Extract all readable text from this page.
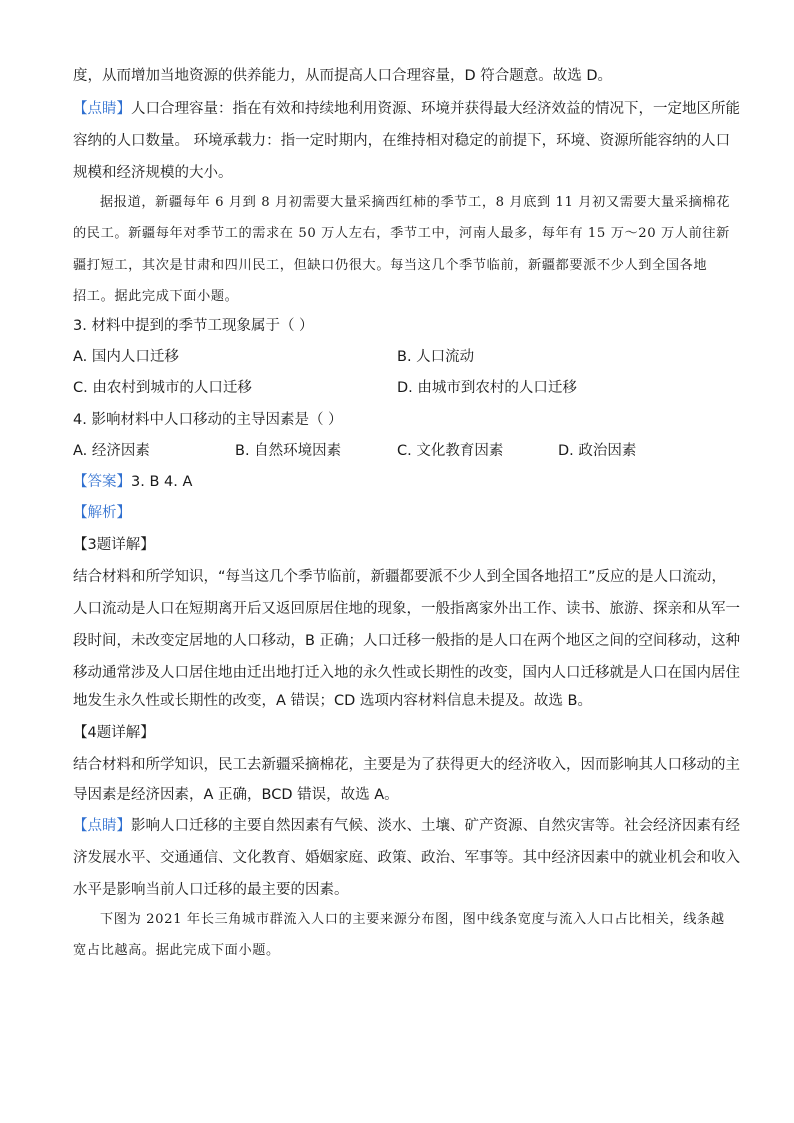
度，从而增加当地资源的供养能力，从而提高人口合理容量，D 符合题意。故选 D。
【点睛】人口合理容量：指在有效和持续地利用资源、环境并获得最大经济效益的情况下，一定地区所能
容纳的人口数量。 环境承载力：指一定时期内，在维持相对稳定的前提下，环境、资源所能容纳的人口
规模和经济规模的大小。
据报道，新疆每年 6 月到 8 月初需要大量采摘西红柿的季节工，8 月底到 11 月初又需要大量采摘棉花
的民工。新疆每年对季节工的需求在 50 万人左右，季节工中，河南人最多，每年有 15 万～20 万人前往新
疆打短工，其次是甘肃和四川民工，但缺口仍很大。每当这几个季节临前，新疆都要派不少人到全国各地
招工。据此完成下面小题。
3. 材料中提到的季节工现象属于（ ）
A. 国内人口迁移	B. 人口流动
C. 由农村到城市的人口迁移	D. 由城市到农村的人口迁移
4. 影响材料中人口移动的主导因素是（ ）
A. 经济因素	B. 自然环境因素	C. 文化教育因素	D. 政治因素
【答案】3. B 4. A
【解析】
【3题详解】
结合材料和所学知识，“每当这几个季节临前，新疆都要派不少人到全国各地招工”反应的是人口流动，
人口流动是人口在短期离开后又返回原居住地的现象，一般指离家外出工作、读书、旅游、探亲和从军一
段时间，未改变定居地的人口移动，B 正确；人口迁移一般指的是人口在两个地区之间的空间移动，这种
移动通常涉及人口居住地由迁出地打迁入地的永久性或长期性的改变，国内人口迁移就是人口在国内居住
地发生永久性或长期性的改变，A 错误；CD 选项内容材料信息未提及。故选 B。
【4题详解】
结合材料和所学知识，民工去新疆采摘棉花，主要是为了获得更大的经济收入，因而影响其人口移动的主
导因素是经济因素，A 正确，BCD 错误，故选 A。
【点睛】影响人口迁移的主要自然因素有气候、淡水、土壤、矿产资源、自然灾害等。社会经济因素有经
济发展水平、交通通信、文化教育、婚姻家庭、政策、政治、军事等。其中经济因素中的就业机会和收入
水平是影响当前人口迁移的最主要的因素。
下图为 2021 年长三角城市群流入人口的主要来源分布图，图中线条宽度与流入人口占比相关，线条越
宽占比越高。据此完成下面小题。
